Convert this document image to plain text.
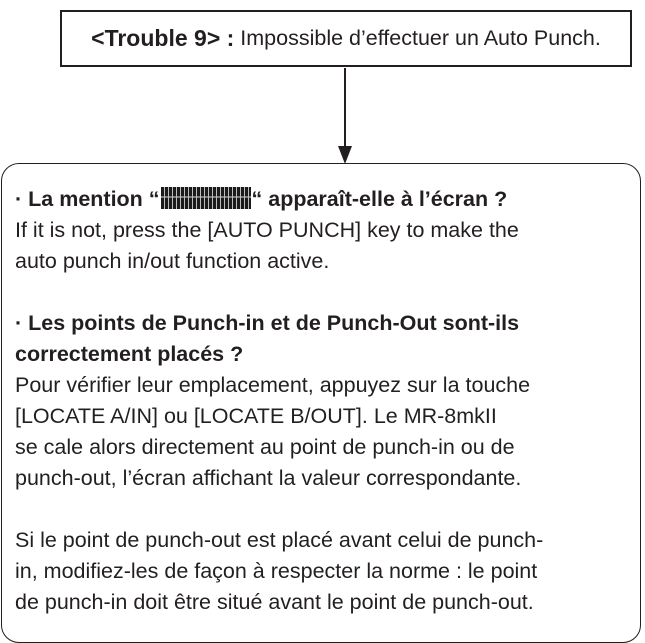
<Trouble 9> : Impossible d’effectuer un Auto Punch.

· La mention “	“ apparaît-elle à l’écran ?

If it is not, press the [AUTO PUNCH] key to make the

auto punch in/out function active.

· Les points de Punch-in et de Punch-Out sont-ils

correctement placés ?

Pour vérifier leur emplacement, appuyez sur la touche

[LOCATE A/IN] ou [LOCATE B/OUT]. Le MR-8mkII

se cale alors directement au point de punch-in ou de

punch-out, l’écran affichant la valeur correspondante.

Si le point de punch-out est placé avant celui de punch-

in, modifiez-les de façon à respecter la norme : le point

de punch-in doit être situé avant le point de punch-out.
